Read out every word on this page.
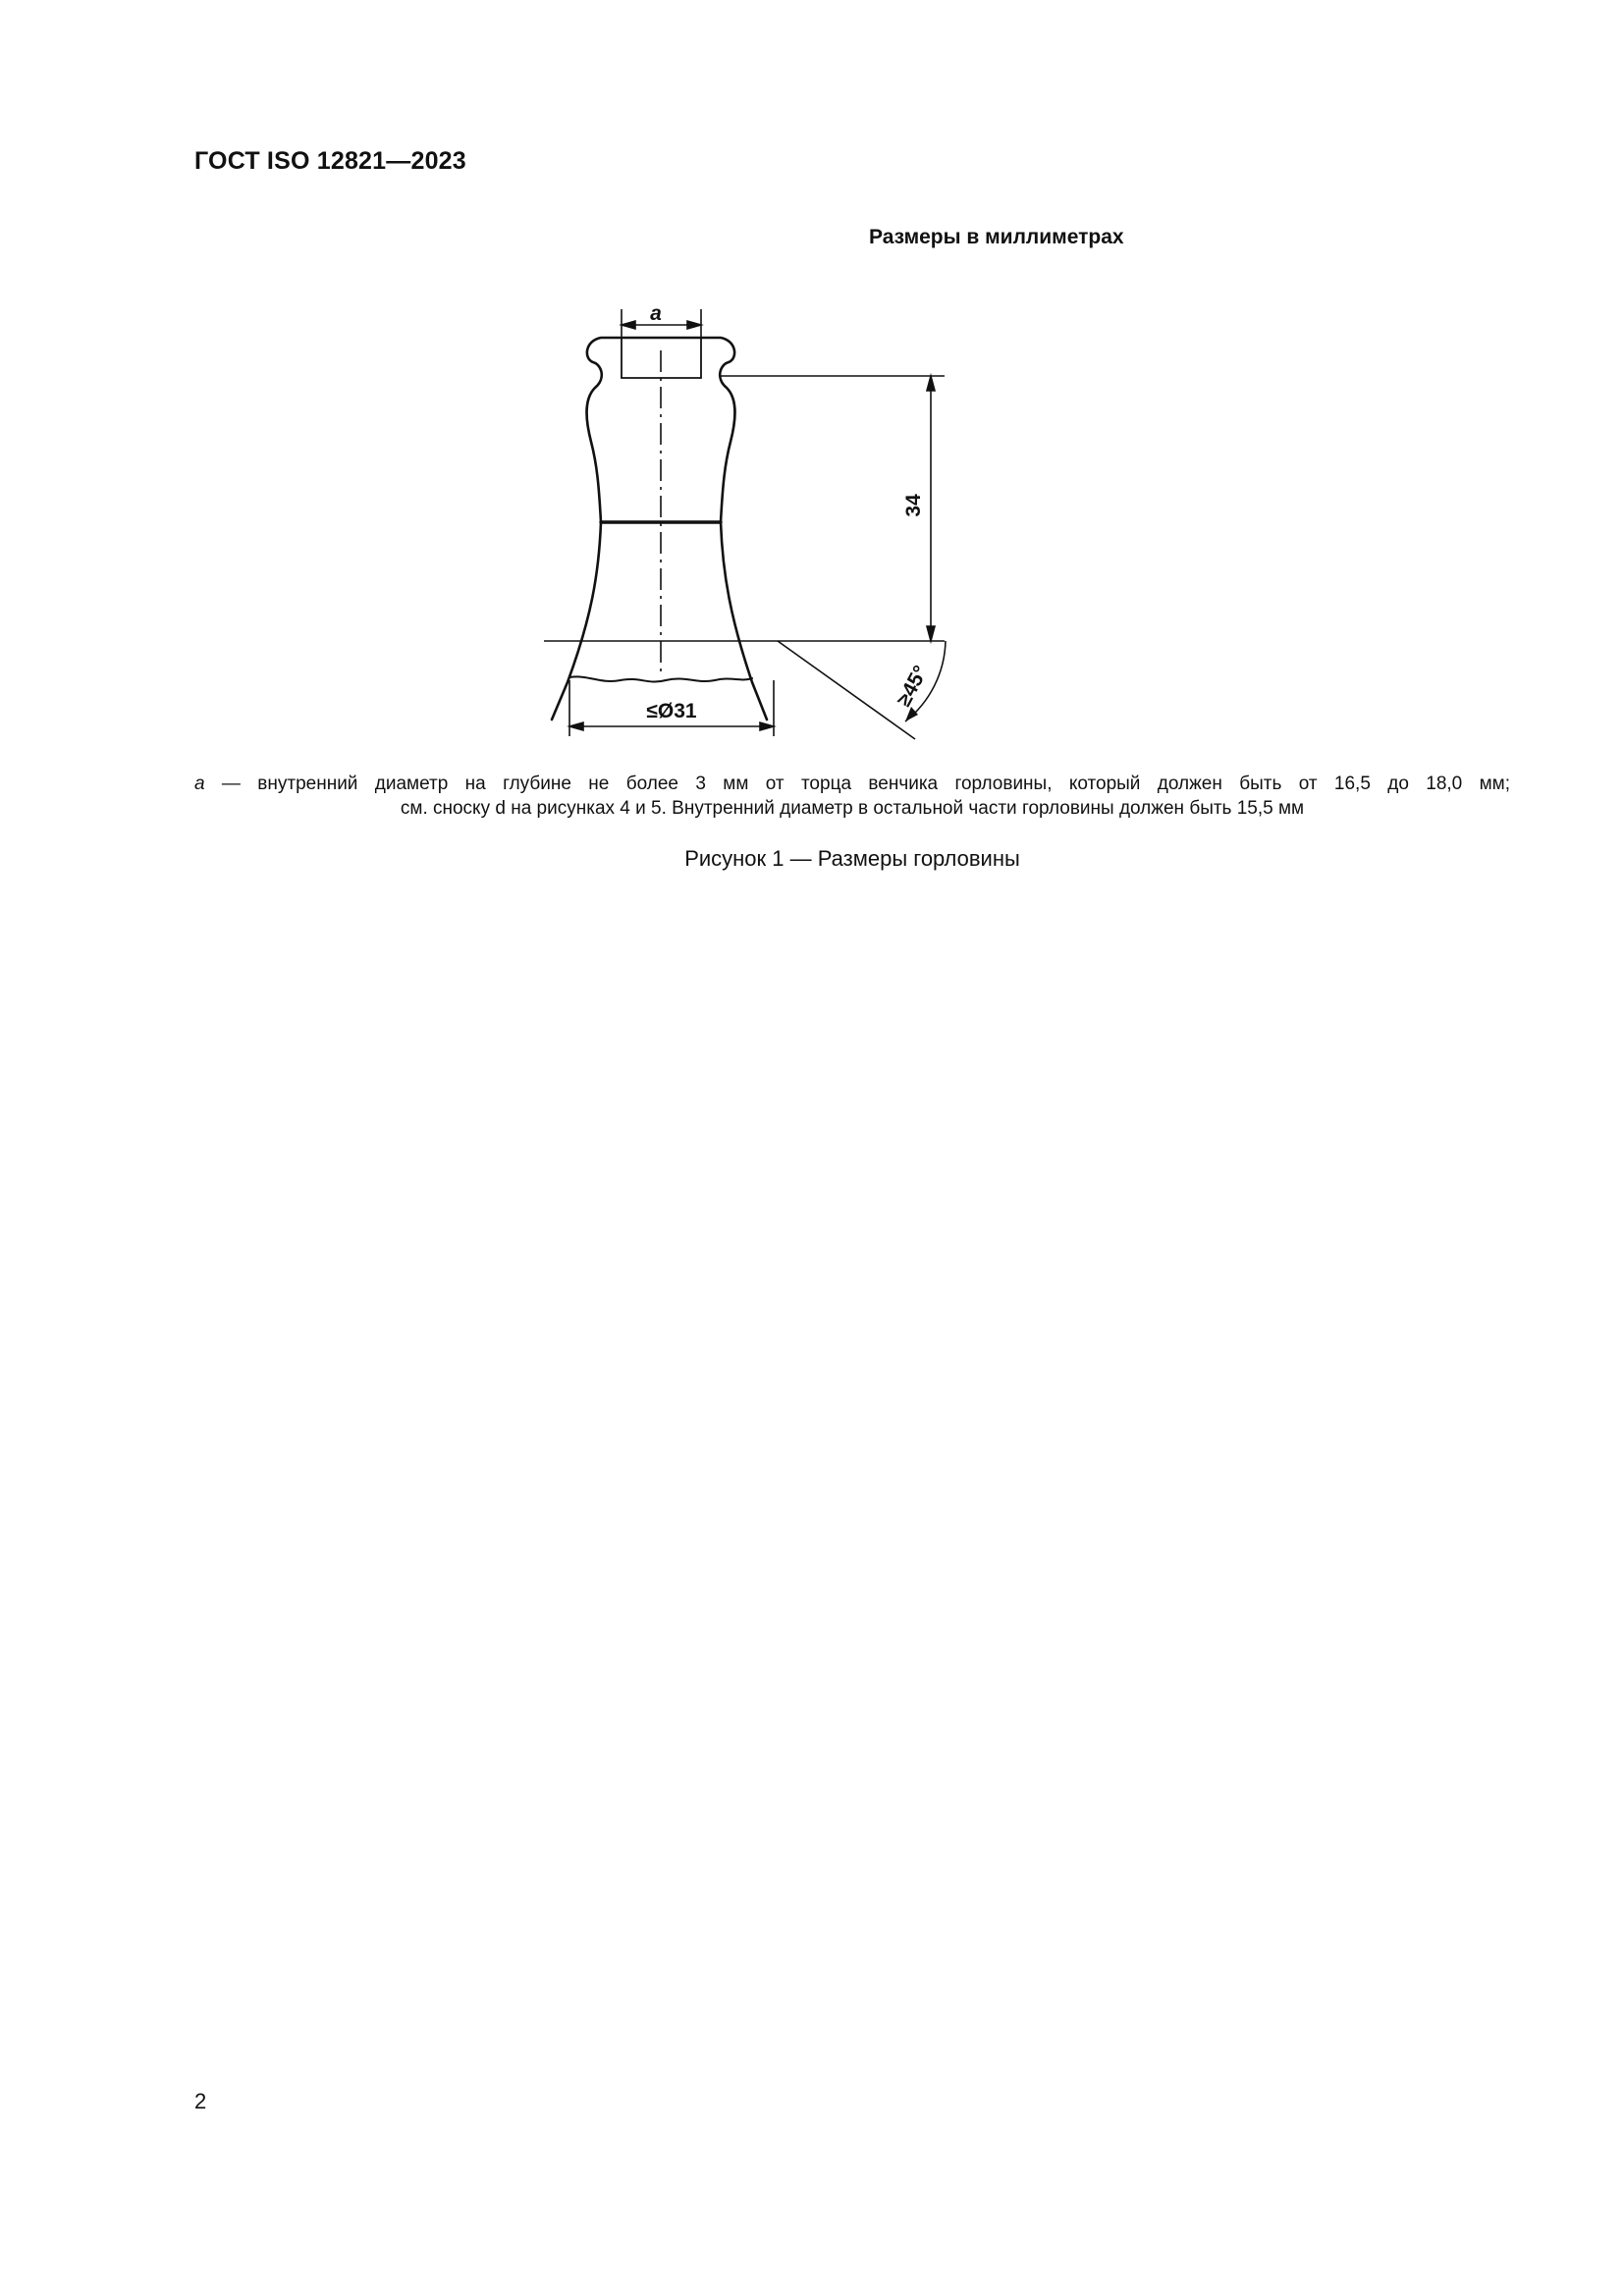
ГОСТ ISO 12821—2023
Размеры в миллиметрах
a
34
≥45°
≤Ø31
a — внутренний диаметр на глубине не более 3 мм от торца венчика горловины, который должен быть от 16,5 до 18,0 мм;
см. сноску d на рисунках 4 и 5. Внутренний диаметр в остальной части горловины должен быть 15,5 мм
Рисунок 1 — Размеры горловины
2
